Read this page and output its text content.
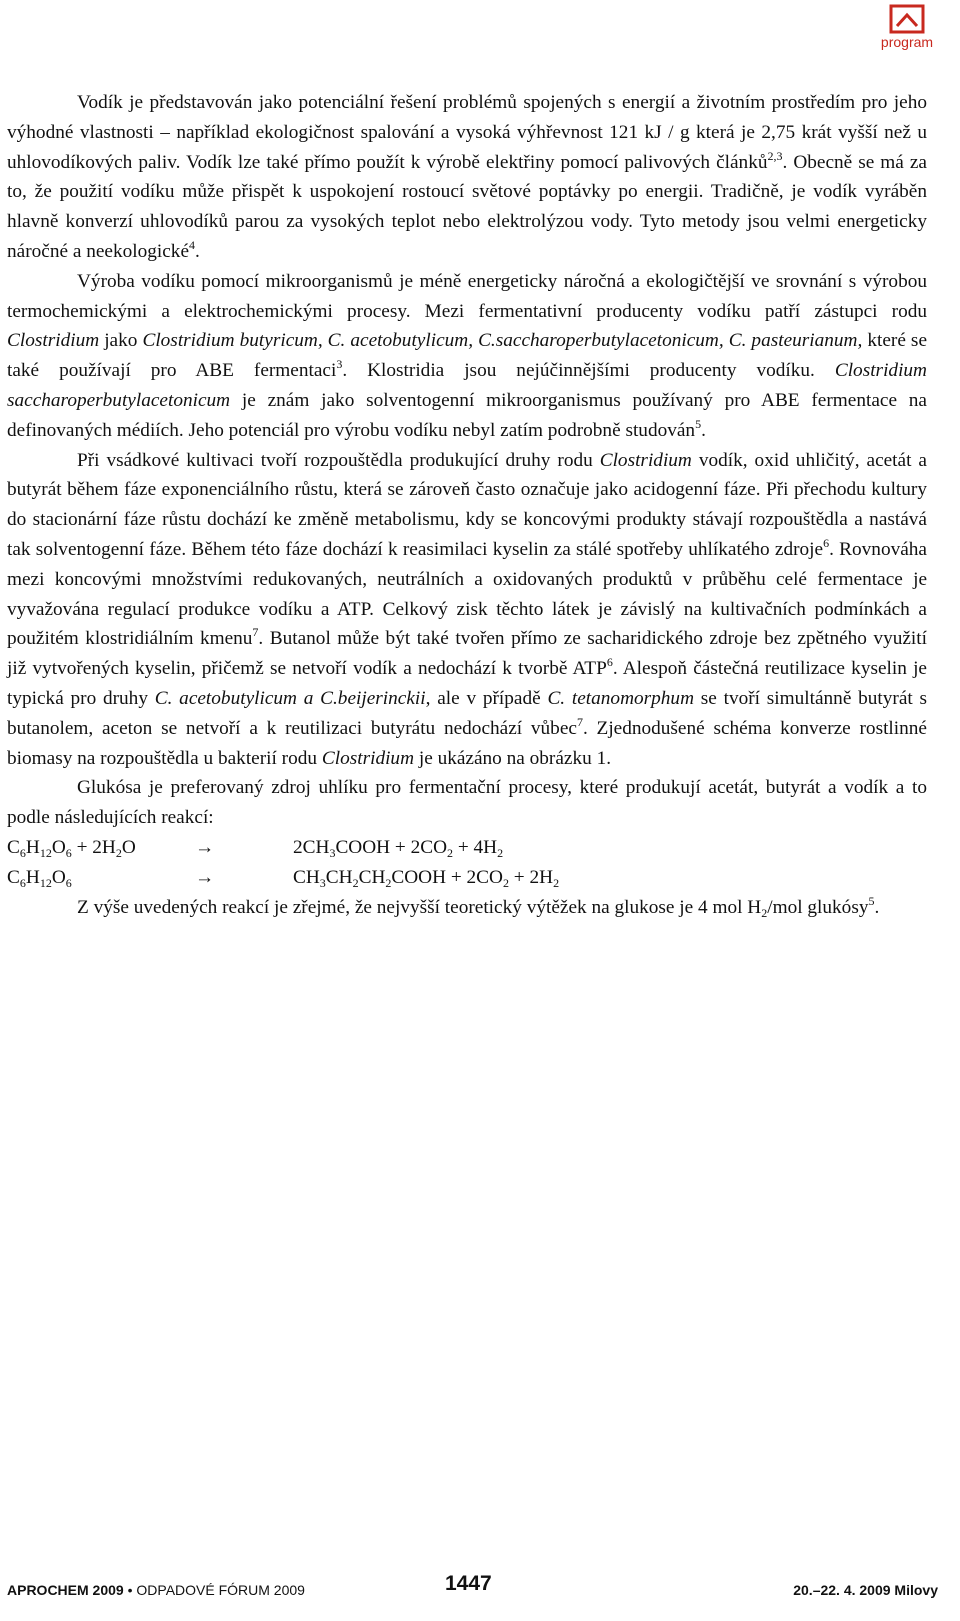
program

Vodík je představován jako potenciální řešení problémů spojených s energií a životním prostředím pro jeho výhodné vlastnosti – například ekologičnost spalování a vysoká výhřevnost 121 kJ / g která je 2,75 krát vyšší než u uhlovodíkových paliv. Vodík lze také přímo použít k výrobě elektřiny pomocí palivových článků$^{2,3}$. Obecně se má za to, že použití vodíku může přispět k uspokojení rostoucí světové poptávky po energii. Tradičně, je vodík vyráběn hlavně konverzí uhlovodíků parou za vysokých teplot nebo elektrolýzou vody. Tyto metody jsou velmi energeticky náročné a neekologické$^4$.

Výroba vodíku pomocí mikroorganismů je méně energeticky náročná a ekologičtější ve srovnání s výrobou termochemickými a elektrochemickými procesy. Mezi fermentativní producenty vodíku patří zástupci rodu Clostridium jako Clostridium butyricum, C. acetobutylicum, C.saccharoperbutylacetonicum, C. pasteurianum, které se také používají pro ABE fermentaci$^3$. Klostridia jsou nejúčinnějšími producenty vodíku. Clostridium saccharoperbutylacetonicum je znám jako solventogenní mikroorganismus používaný pro ABE fermentace na definovaných médiích. Jeho potenciál pro výrobu vodíku nebyl zatím podrobně studován$^5$.

Při vsádkové kultivaci tvoří rozpouštědla produkující druhy rodu Clostridium vodík, oxid uhličitý, acetát a butyrát během fáze exponenciálního růstu, která se zároveň často označuje jako acidogenní fáze. Při přechodu kultury do stacionární fáze růstu dochází ke změně metabolismu, kdy se koncovými produkty stávají rozpouštědla a nastává tak solventogenní fáze. Během této fáze dochází k reasimilaci kyselin za stálé spotřeby uhlíkatého zdroje$^6$. Rovnováha mezi koncovými množstvími redukovaných, neutrálních a oxidovaných produktů v průběhu celé fermentace je vyvažována regulací produkce vodíku a ATP. Celkový zisk těchto látek je závislý na kultivačních podmínkách a použitém klostridiálním kmenu$^7$. Butanol může být také tvořen přímo ze sacharidického zdroje bez zpětného využití již vytvořených kyselin, přičemž se netvoří vodík a nedochází k tvorbě ATP$^6$. Alespoň částečná reutilizace kyselin je typická pro druhy C. acetobutylicum a C.beijerinckii, ale v případě C. tetanomorphum se tvoří simultánně butyrát s butanolem, aceton se netvoří a k reutilizaci butyrátu nedochází vůbec$^7$. Zjednodušené schéma konverze rostlinné biomasy na rozpouštědla u bakterií rodu Clostridium je ukázáno na obrázku 1.

Glukósa je preferovaný zdroj uhlíku pro fermentační procesy, které produkují acetát, butyrát a vodík a to podle následujících reakcí:

$C_6H_{12}O_6 + 2H_2O$	→	$2CH_3COOH + 2CO_2 + 4H_2$
$C_6H_{12}O_6$	→	$CH_3CH_2CH_2COOH + 2CO_2 + 2H_2$

Z výše uvedených reakcí je zřejmé, že nejvyšší teoretický výtěžek na glukose je 4 mol $H_2$/mol glukósy$^5$.

APROCHEM 2009 • ODPADOVÉ FÓRUM 2009	1447	20.–22. 4. 2009 Milovy
